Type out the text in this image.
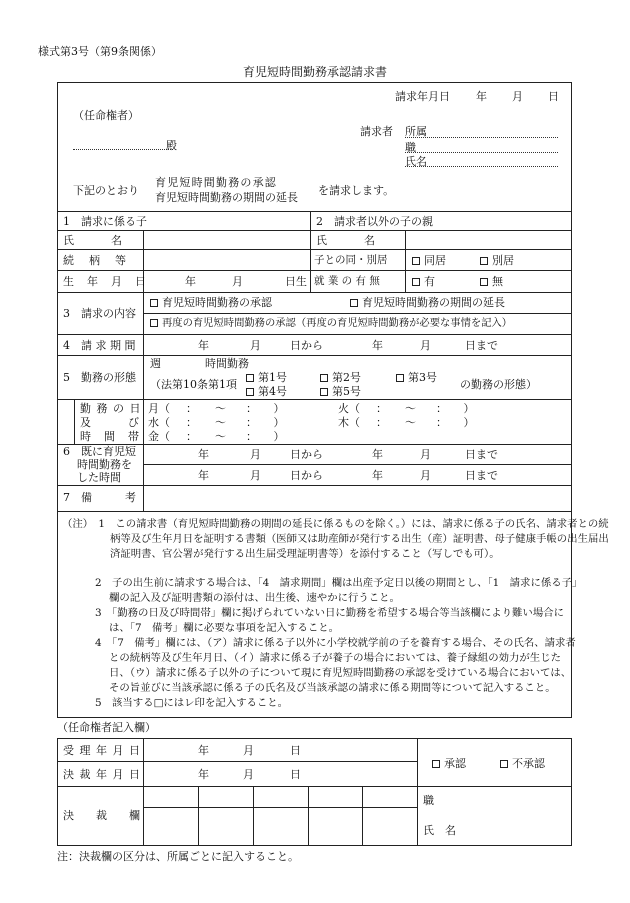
様式第3号（第9条関係）
育児短時間勤務承認請求書
請求年月日 年 月 日
（任命権者）
殿
請求者 所属
職
氏名
下記のとおり
育児短時間勤務の承認
育児短時間勤務の期間の延長
を請求します。
1　請求に係る子	2　請求者以外の子の親
氏　　　名	氏　　　名
続　柄　等	子との同・別居	同居	別居
生　年　月　日	年	月	日生 就 業 の 有 無	有	無
3　請求の内容
育児短時間勤務の承認	育児短時間勤務の期間の延長
再度の育児短時間勤務の承認（再度の育児短時間勤務が必要な事情を記入）
4　請 求 期 間	年	月	日から	年	月	日まで
5　勤務の形態
週	時間勤務
（法第10条第1項
第1号	第2号	第3号
第4号	第5号
の勤務の形態）
勤 務 の 日
及　　　び
時　間　帯
月（ ： 〜 ： ）	火（ ： 〜 ： ）
水（ ： 〜 ： ）	木（ ： 〜 ： ）
金（ ： 〜 ： ）
6　既に育児短
時間勤務を
した時間
年	月	日から	年	月	日まで
年	月	日から	年	月	日まで
7　備　　　考
（注）　1　この請求書（育児短時間勤務の期間の延長に係るものを除く。）には、請求に係る子の氏名、請求者との続柄等及び生年月日を証明する書類（医師又は助産師が発行する出生（産）証明書、母子健康手帳の出生届出済証明書、官公署が発行する出生届受理証明書等）を添付すること（写しでも可）。
2　子の出生前に請求する場合は、「4　請求期間」欄は出産予定日以後の期間とし、「1　請求に係る子」欄の記入及び証明書類の添付は、出生後、速やかに行うこと。
3　「勤務の日及び時間帯」欄に掲げられていない日に勤務を希望する場合等当該欄により難い場合には、「7　備考」欄に必要な事項を記入すること。
4　「7　備考」欄には、（ア）請求に係る子以外に小学校就学前の子を養育する場合、その氏名、請求者との続柄等及び生年月日、（イ）請求に係る子が養子の場合においては、養子縁組の効力が生じた日、（ウ）請求に係る子以外の子について現に育児短時間勤務の承認を受けている場合においては、その旨並びに当該承認に係る子の氏名及び当該承認の請求に係る期間等について記入すること。
5　該当する□にはレ印を記入すること。
（任命権者記入欄）
受 理 年 月 日	年	月	日
決 裁 年 月 日	年	月	日
承認	不承認
決　　裁　　欄
職
氏　名
注：決裁欄の区分は、所属ごとに記入すること。
